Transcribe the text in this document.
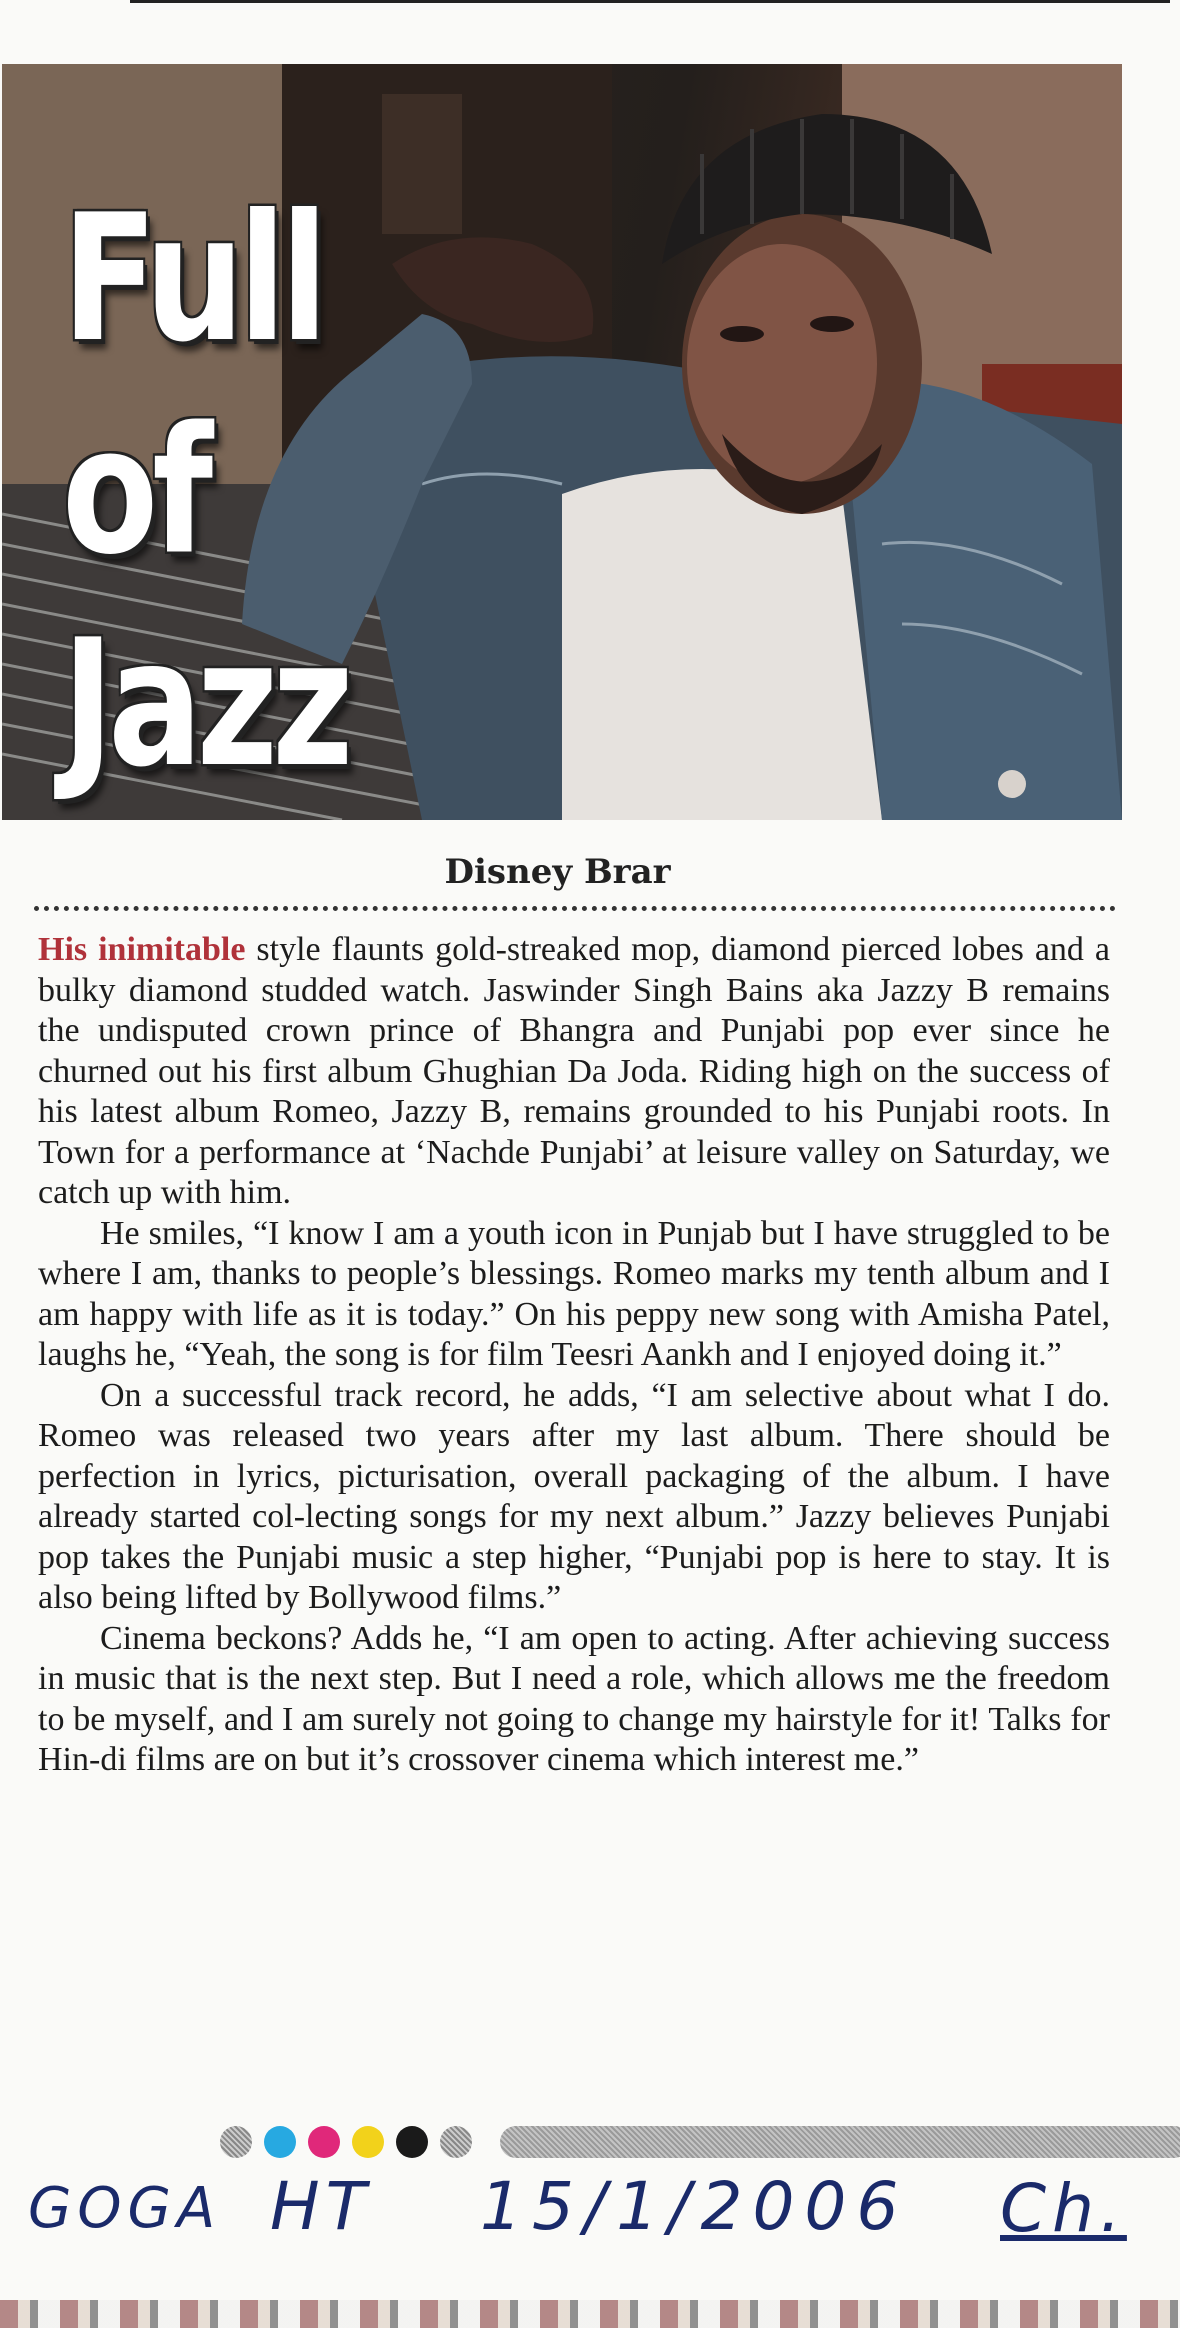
Full
of
Jazz
Disney Brar

His inimitable style flaunts gold-streaked mop, diamond pierced lobes and a bulky diamond studded watch. Jaswinder Singh Bains aka Jazzy B remains the undisputed crown prince of Bhangra and Punjabi pop ever since he churned out his first album Ghughian Da Joda. Riding high on the success of his latest album Romeo, Jazzy B, remains grounded to his Punjabi roots. In Town for a performance at ‘Nachde Punjabi’ at leisure valley on Saturday, we catch up with him.

He smiles, “I know I am a youth icon in Punjab but I have struggled to be where I am, thanks to people’s blessings. Romeo marks my tenth album and I am happy with life as it is today.” On his peppy new song with Amisha Patel, laughs he, “Yeah, the song is for film Teesri Aankh and I enjoyed doing it.”

On a successful track record, he adds, “I am selective about what I do. Romeo was released two years after my last album. There should be perfection in lyrics, picturisation, overall packaging of the album. I have already started col-lecting songs for my next album.” Jazzy believes Punjabi pop takes the Punjabi music a step higher, “Punjabi pop is here to stay. It is also being lifted by Bollywood films.”

Cinema beckons? Adds he, “I am open to acting. After achieving success in music that is the next step. But I need a role, which allows me the freedom to be myself, and I am surely not going to change my hairstyle for it! Talks for Hin-di films are on but it’s crossover cinema which interest me.”

GOGA HT 15/1/2006 Ch.
